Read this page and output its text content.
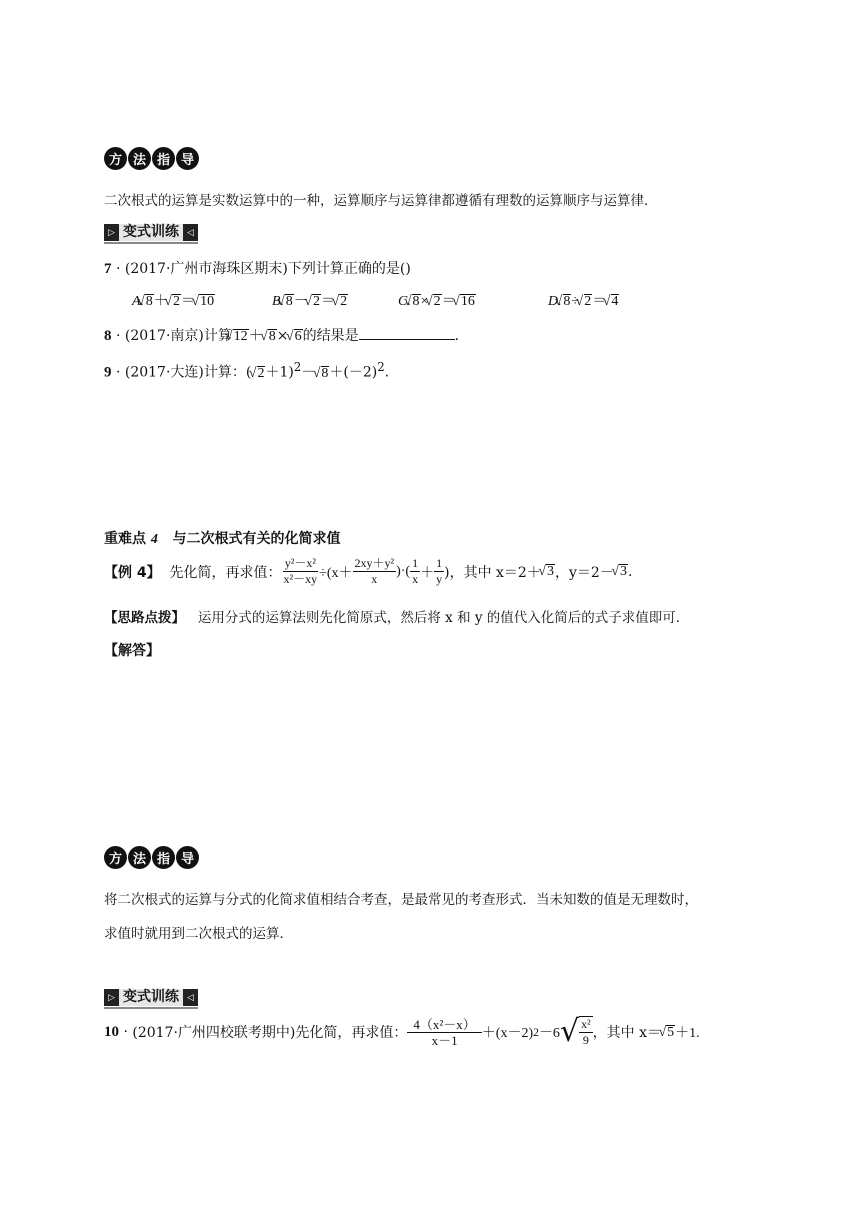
方 法 指 导
二次根式的运算是实数运算中的一种，运算顺序与运算律都遵循有理数的运算顺序与运算律．
▷ 变式训练 ◁
7 · (2017·广州市海珠区期末)下列计算正确的是()
A. √ 8＋ √ 2＝ √ 10	B. √ 8－ √ 2＝ √ 2	C. √ 8× √ 2＝ √ 16	D. √ 8÷ √ 2＝ √ 4
8 · (2017·南京)计算 √ 12＋ √ 8× √ 6的结果是	．
9 · (2017·大连)计算：( √ 2＋1)$^2$－ √ $8+(-2)^2$.
重难点 4 与二次根式有关的化简求值
【例 4】
先化简，再求值： $\frac{\text{y²－x²}}{\text{x²－xy}} \div(x+ \frac{\text{2xy＋y²}}{x}$ )·( $\frac{1}{x} + \frac{1}{y}$ )，其中 x＝2＋
√ 3 ，y＝2－
√ 3 .
【思路点拨】 运用分式的运算法则先化简原式，然后将 x 和 y 的值代入化简后的式子求值即可．
【解答】
方 法 指 导
将二次根式的运算与分式的化简求值相结合考查，是最常见的考查形式．当未知数的值是无理数时，
求值时就用到二次根式的运算．
▷ 变式训练 ◁
10
·
(2017·广州四校联考期中)先化简，再求值： $\frac{\text{4（x²－x）}}{x-1} +(x-2)$ 2 －6 √ $\frac{\text{x²}}{9}$ ，其中 x＝
√ 5 ＋1.
